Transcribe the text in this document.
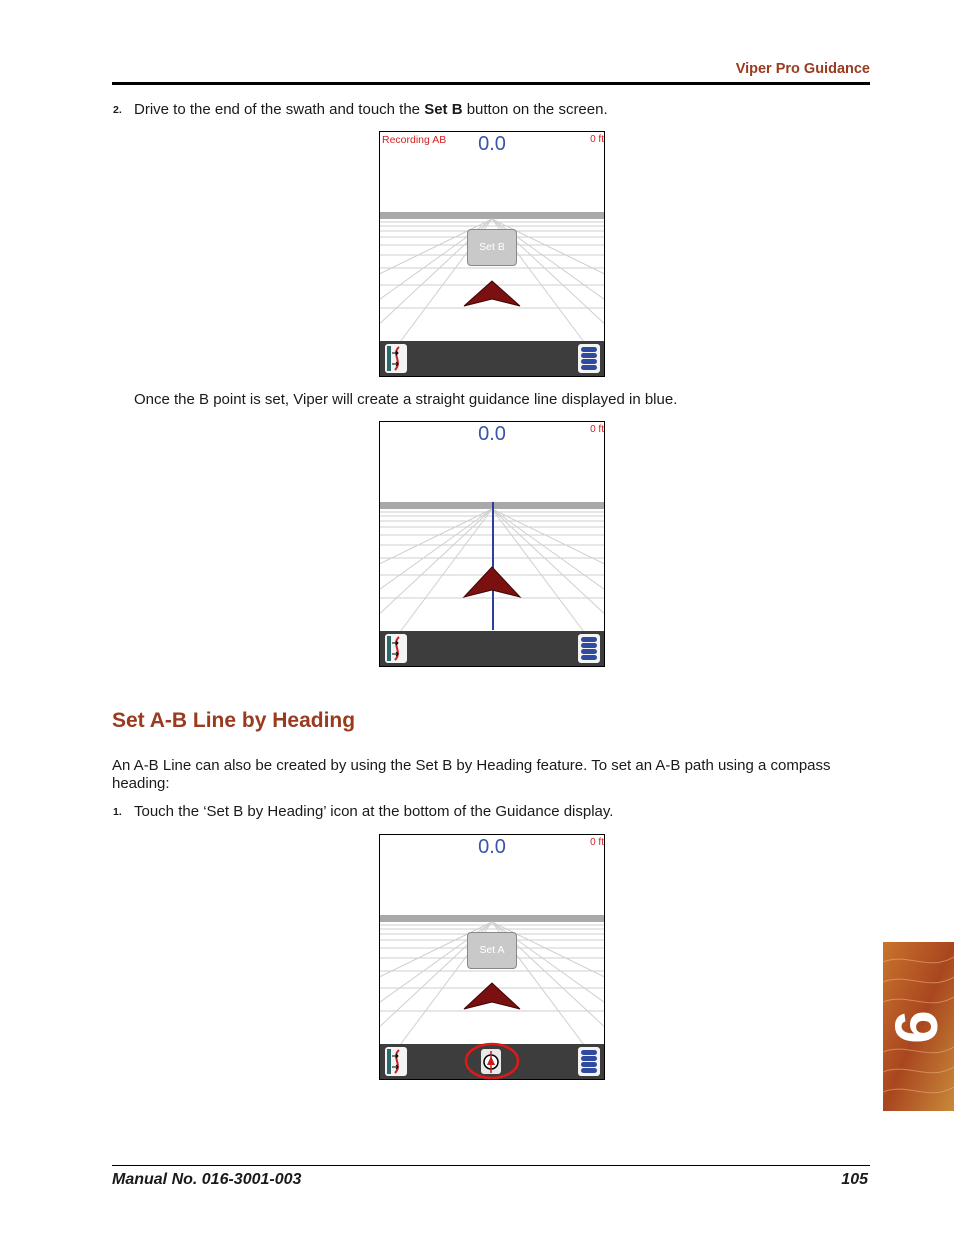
Viper Pro Guidance
2. Drive to the end of the swath and touch the Set B button on the screen.
Recording AB	0.0	0 ft
Set B
Once the B point is set, Viper will create a straight guidance line displayed in blue.
0.0	0 ft
Set A-B Line by Heading
An A-B Line can also be created by using the Set B by Heading feature. To set an A-B path using a compass heading:
1. Touch the ‘Set B by Heading’ icon at the bottom of the Guidance display.
0.0	0 ft
Set A
Manual No. 016-3001-003	105
6
